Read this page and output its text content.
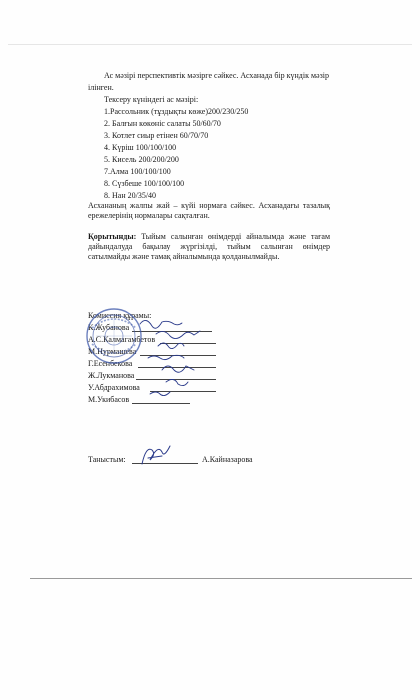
Ас мәзірі перспективтік мәзірге сәйкес. Асханада бір күндік мәзір
ілінген.
Тексеру күніндегі ас мәзірі:
1.Рассольник (тұздықты көже)200/230/250
2. Балғын көкөніс салаты 50/60/70
3. Котлет сиыр етінен 60/70/70
4. Күріш 100/100/100
5. Кисель 200/200/200
7.Алма 100/100/100
8. Сүзбеше 100/100/100
8. Нан 20/35/40
Асхананың жалпы жай – күйі нормаға сәйкес. Асханадағы тазалық ережелерінің нормалары сақталған.
Қорытынды: Тыйым салынған өнімдерді айналымда және тағам дайындалуда бақылау жүргізілді, тыйым салынған өнімдер сатылмайды және тамақ айналымында қолданылмайды.
Комиссия құрамы:
К.Жубанова
А.С.Калмагамбетов
М.Нурмашева
Г.Есенбекова
Ж.Лукманова
У.Абдрахимова
М.Укибасов
Таныстым:	А.Кайназарова
